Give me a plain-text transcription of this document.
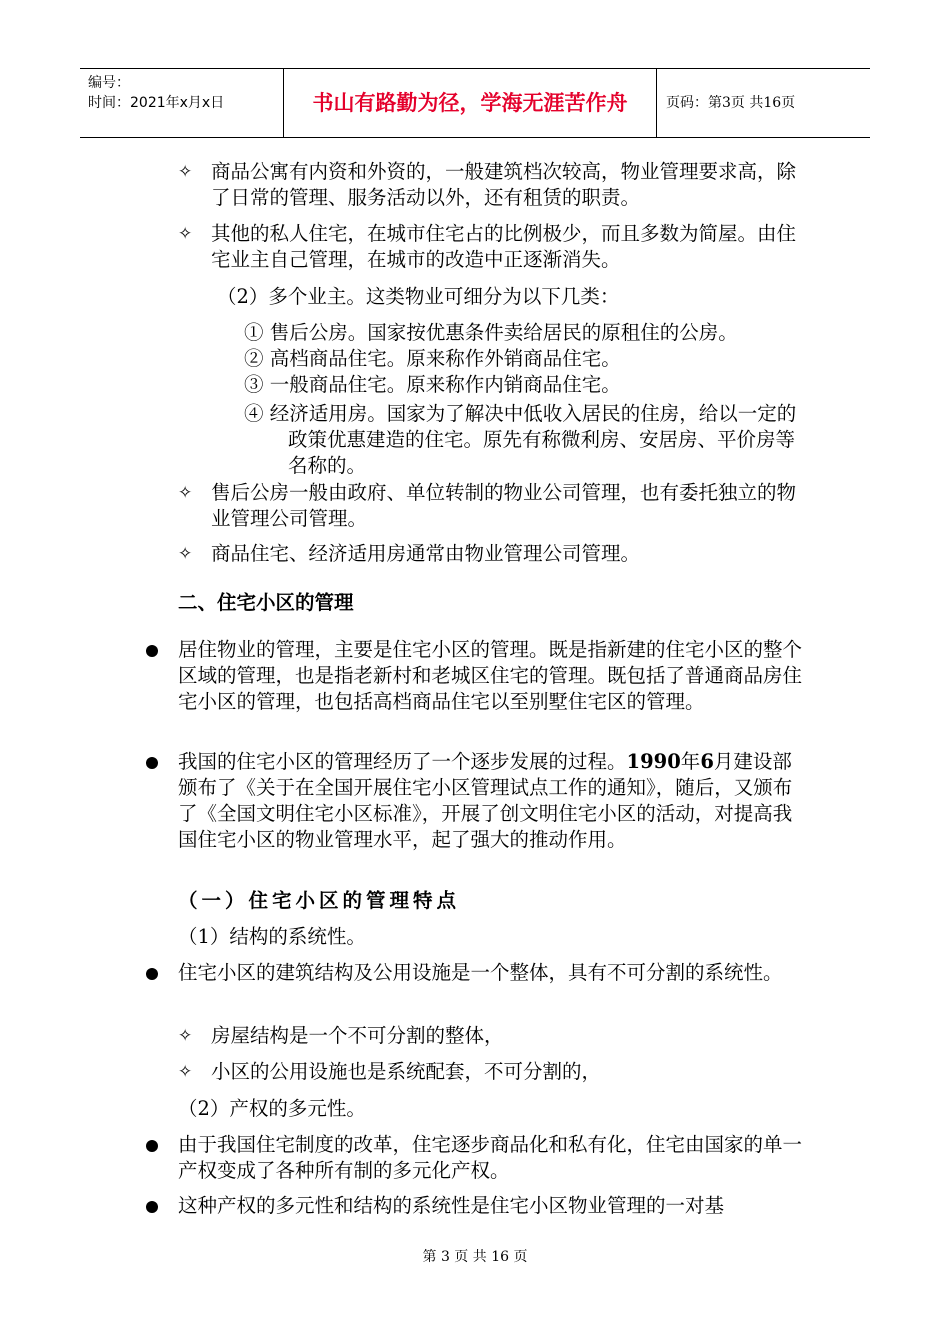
编号：
时间：2021年x月x日	书山有路勤为径，学海无涯苦作舟	页码：第3页 共16页
✧ 商品公寓有内资和外资的，一般建筑档次较高，物业管理要求高，除了日常的管理、服务活动以外，还有租赁的职责。
✧ 其他的私人住宅，在城市住宅占的比例极少，而且多数为简屋。由住宅业主自己管理，在城市的改造中正逐渐消失。
（2）多个业主。这类物业可细分为以下几类：
① 售后公房。国家按优惠条件卖给居民的原租住的公房。
② 高档商品住宅。原来称作外销商品住宅。
③ 一般商品住宅。原来称作内销商品住宅。
④ 经济适用房。国家为了解决中低收入居民的住房，给以一定的政策优惠建造的住宅。原先有称微利房、安居房、平价房等名称的。
✧ 售后公房一般由政府、单位转制的物业公司管理，也有委托独立的物业管理公司管理。
✧ 商品住宅、经济适用房通常由物业管理公司管理。
二、住宅小区的管理
居住物业的管理，主要是住宅小区的管理。既是指新建的住宅小区的整个区域的管理，也是指老新村和老城区住宅的管理。既包括了普通商品房住宅小区的管理，也包括高档商品住宅以至别墅住宅区的管理。
我国的住宅小区的管理经历了一个逐步发展的过程。1990年6月建设部颁布了《关于在全国开展住宅小区管理试点工作的通知》，随后，又颁布了《全国文明住宅小区标准》，开展了创文明住宅小区的活动，对提高我国住宅小区的物业管理水平，起了强大的推动作用。
（一）住宅小区的管理特点
（1）结构的系统性。
住宅小区的建筑结构及公用设施是一个整体，具有不可分割的系统性。
✧ 房屋结构是一个不可分割的整体，
✧ 小区的公用设施也是系统配套，不可分割的，
（2）产权的多元性。
由于我国住宅制度的改革，住宅逐步商品化和私有化，住宅由国家的单一产权变成了各种所有制的多元化产权。
这种产权的多元性和结构的系统性是住宅小区物业管理的一对基
第 3 页 共 16 页
